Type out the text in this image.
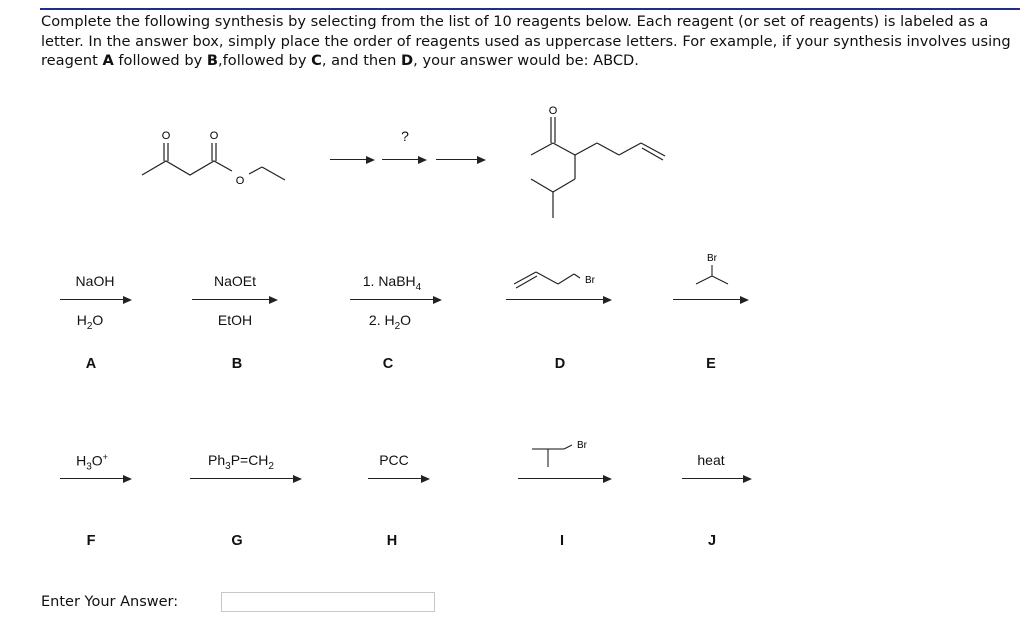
Complete the following synthesis by selecting from the list of 10 reagents below. Each reagent (or set of reagents) is labeled as a letter. In the answer box, simply place the order of reagents used as uppercase letters. For example, if your synthesis involves using reagent A followed by B,followed by C, and then D, your answer would be: ABCD.
O	O
O
?
O
NaOH
$H_2O$
A
NaOEt
EtOH
B
1. NaBH$_4$
2. $H_2O$
C
Br
D
Br
E
$H_3O^+$
F
$Ph_3P=CH_2$
G
PCC
H
Br
I
heat
J
Enter Your Answer:
